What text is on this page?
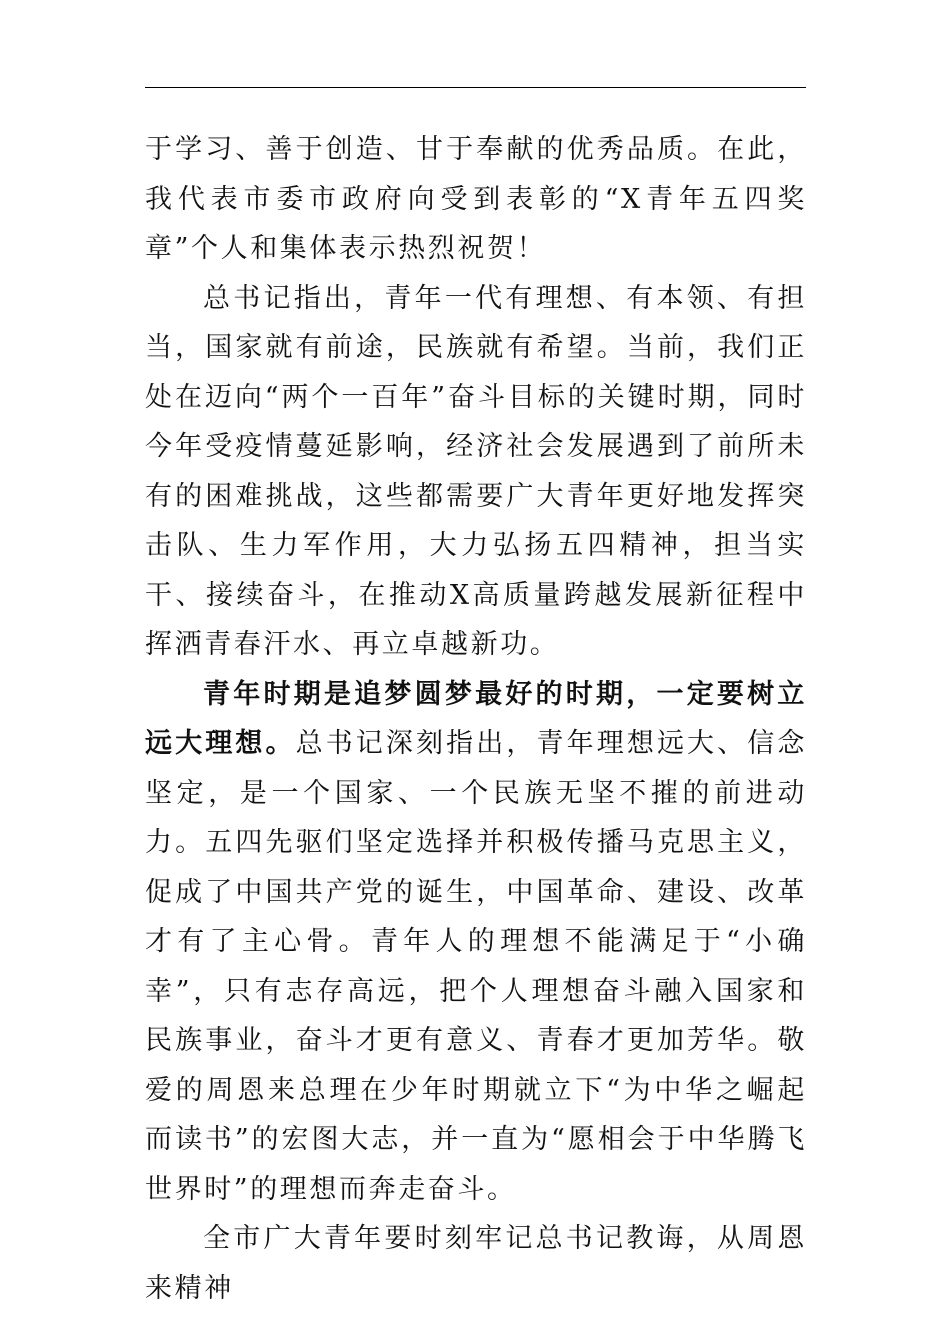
于学习、善于创造、甘于奉献的优秀品质。在此，我代表市委市政府向受到表彰的“X青年五四奖章”个人和集体表示热烈祝贺！

总书记指出，青年一代有理想、有本领、有担当，国家就有前途，民族就有希望。当前，我们正处在迈向“两个一百年”奋斗目标的关键时期，同时今年受疫情蔓延影响，经济社会发展遇到了前所未有的困难挑战，这些都需要广大青年更好地发挥突击队、生力军作用，大力弘扬五四精神，担当实干、接续奋斗，在推动X高质量跨越发展新征程中挥洒青春汗水、再立卓越新功。

青年时期是追梦圆梦最好的时期，一定要树立远大理想。总书记深刻指出，青年理想远大、信念坚定，是一个国家、一个民族无坚不摧的前进动力。五四先驱们坚定选择并积极传播马克思主义，促成了中国共产党的诞生，中国革命、建设、改革才有了主心骨。青年人的理想不能满足于“小确幸”，只有志存高远，把个人理想奋斗融入国家和民族事业，奋斗才更有意义、青春才更加芳华。敬爱的周恩来总理在少年时期就立下“为中华之崛起而读书”的宏图大志，并一直为“愿相会于中华腾飞世界时”的理想而奔走奋斗。

全市广大青年要时刻牢记总书记教诲，从周恩来精神
